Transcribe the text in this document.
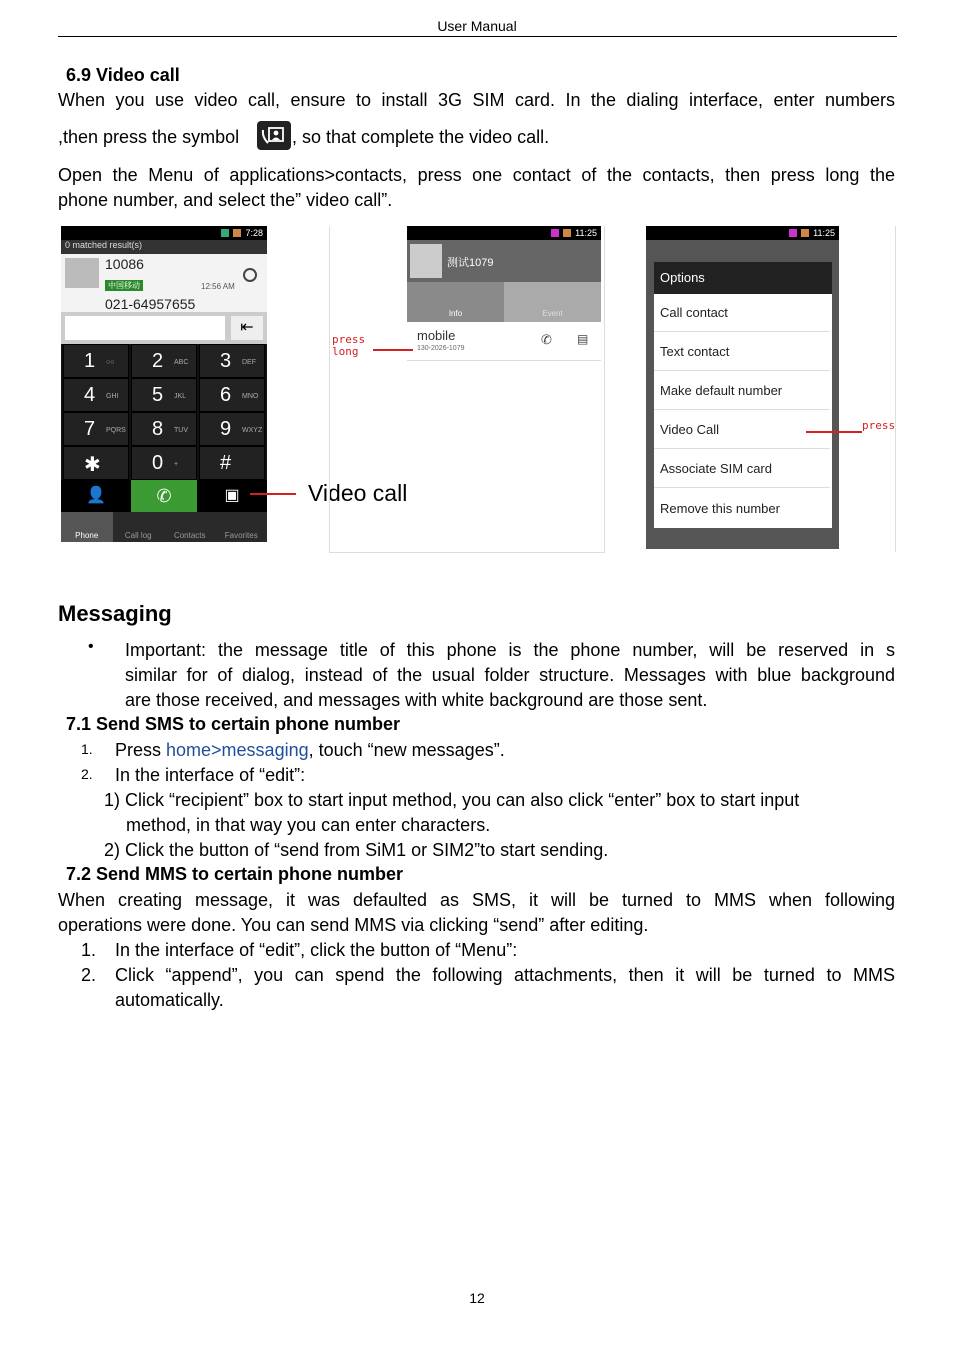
User Manual
6.9 Video call
When you use video call, ensure to install 3G SIM card. In the dialing interface, enter numbers
,then press the symbol	, so that complete the video call.
Open the Menu of applications>contacts, press one contact of the contacts, then press long the
phone number, and select the” video call”.
7:28
0 matched result(s)
10086
中国移动	12:56 AM
021-64957655
⇤
1 ○○ 2 ABC 3 DEF
4 GHI 5 JKL 6 MNO
7 PQRS 8 TUV 9 WXYZ
✱	0 + #
👤	✆	▣
Phone	Call log	Contacts	Favorites
Video call
11:25
测试1079
Info	Event
mobile
130-2026-1079
✆ ▤
press
long
11:25
Options
Call contact
Text contact
Make default number
Video Call
Associate SIM card
Remove this number
press
Messaging
• Important: the message title of this phone is the phone number, will be reserved in s
similar for of dialog, instead of the usual folder structure. Messages with blue background
are those received, and messages with white background are those sent.
7.1 Send SMS to certain phone number
1. Press home>messaging, touch “new messages”.
2. In the interface of “edit”:
1) Click “recipient” box to start input method, you can also click “enter” box to start input
method, in that way you can enter characters.
2) Click the button of “send from SiM1 or SIM2”to start sending.
7.2 Send MMS to certain phone number
When creating message, it was defaulted as SMS, it will be turned to MMS when following
operations were done. You can send MMS via clicking “send” after editing.
1. In the interface of “edit”, click the button of “Menu”:
2. Click “append”, you can spend the following attachments, then it will be turned to MMS
automatically.
12
